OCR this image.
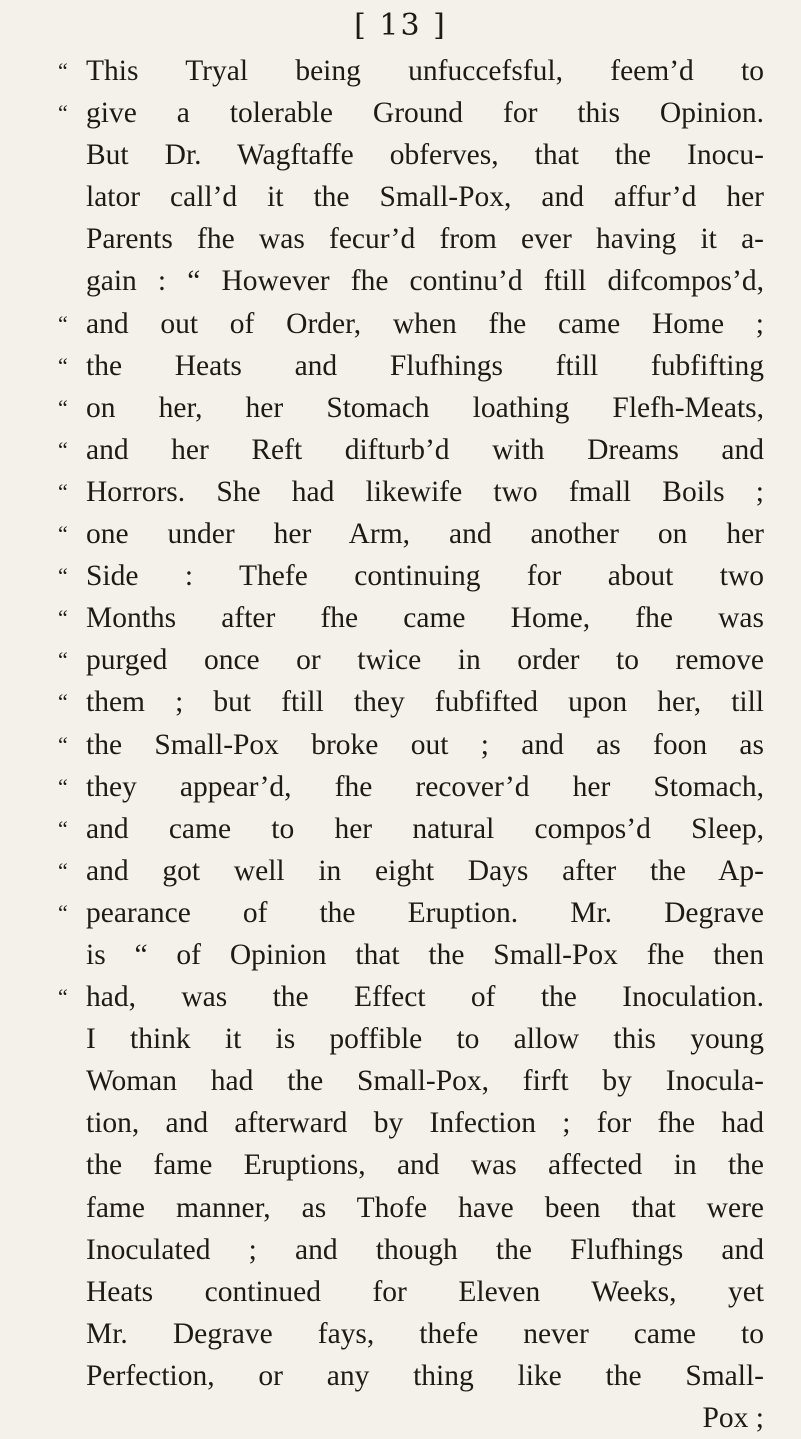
[ 13 ]
“ This Tryal being unfuccefsful, feem’d to
“ give a tolerable Ground for this Opinion.
But Dr. Wagftaffe obferves, that the Inocu-
lator call’d it the Small-Pox, and affur’d her
Parents fhe was fecur’d from ever having it a-
gain : “ However fhe continu’d ftill difcompos’d,
“ and out of Order, when fhe came Home ;
“ the Heats and Flufhings ftill fubfifting
“ on her, her Stomach loathing Flefh-Meats,
“ and her Reft difturb’d with Dreams and
“ Horrors. She had likewife two fmall Boils ;
“ one under her Arm, and another on her
“ Side : Thefe continuing for about two
“ Months after fhe came Home, fhe was
“ purged once or twice in order to remove
“ them ; but ftill they fubfifted upon her, till
“ the Small-Pox broke out ; and as foon as
“ they appear’d, fhe recover’d her Stomach,
“ and came to her natural compos’d Sleep,
“ and got well in eight Days after the Ap-
“ pearance of the Eruption. Mr. Degrave
is “ of Opinion that the Small-Pox fhe then
“ had, was the Effect of the Inoculation.
I think it is poffible to allow this young
Woman had the Small-Pox, firft by Inocula-
tion, and afterward by Infection ; for fhe had
the fame Eruptions, and was affected in the
fame manner, as Thofe have been that were
Inoculated ; and though the Flufhings and
Heats continued for Eleven Weeks, yet
Mr. Degrave fays, thefe never came to
Perfection, or any thing like the Small-
Pox ;
